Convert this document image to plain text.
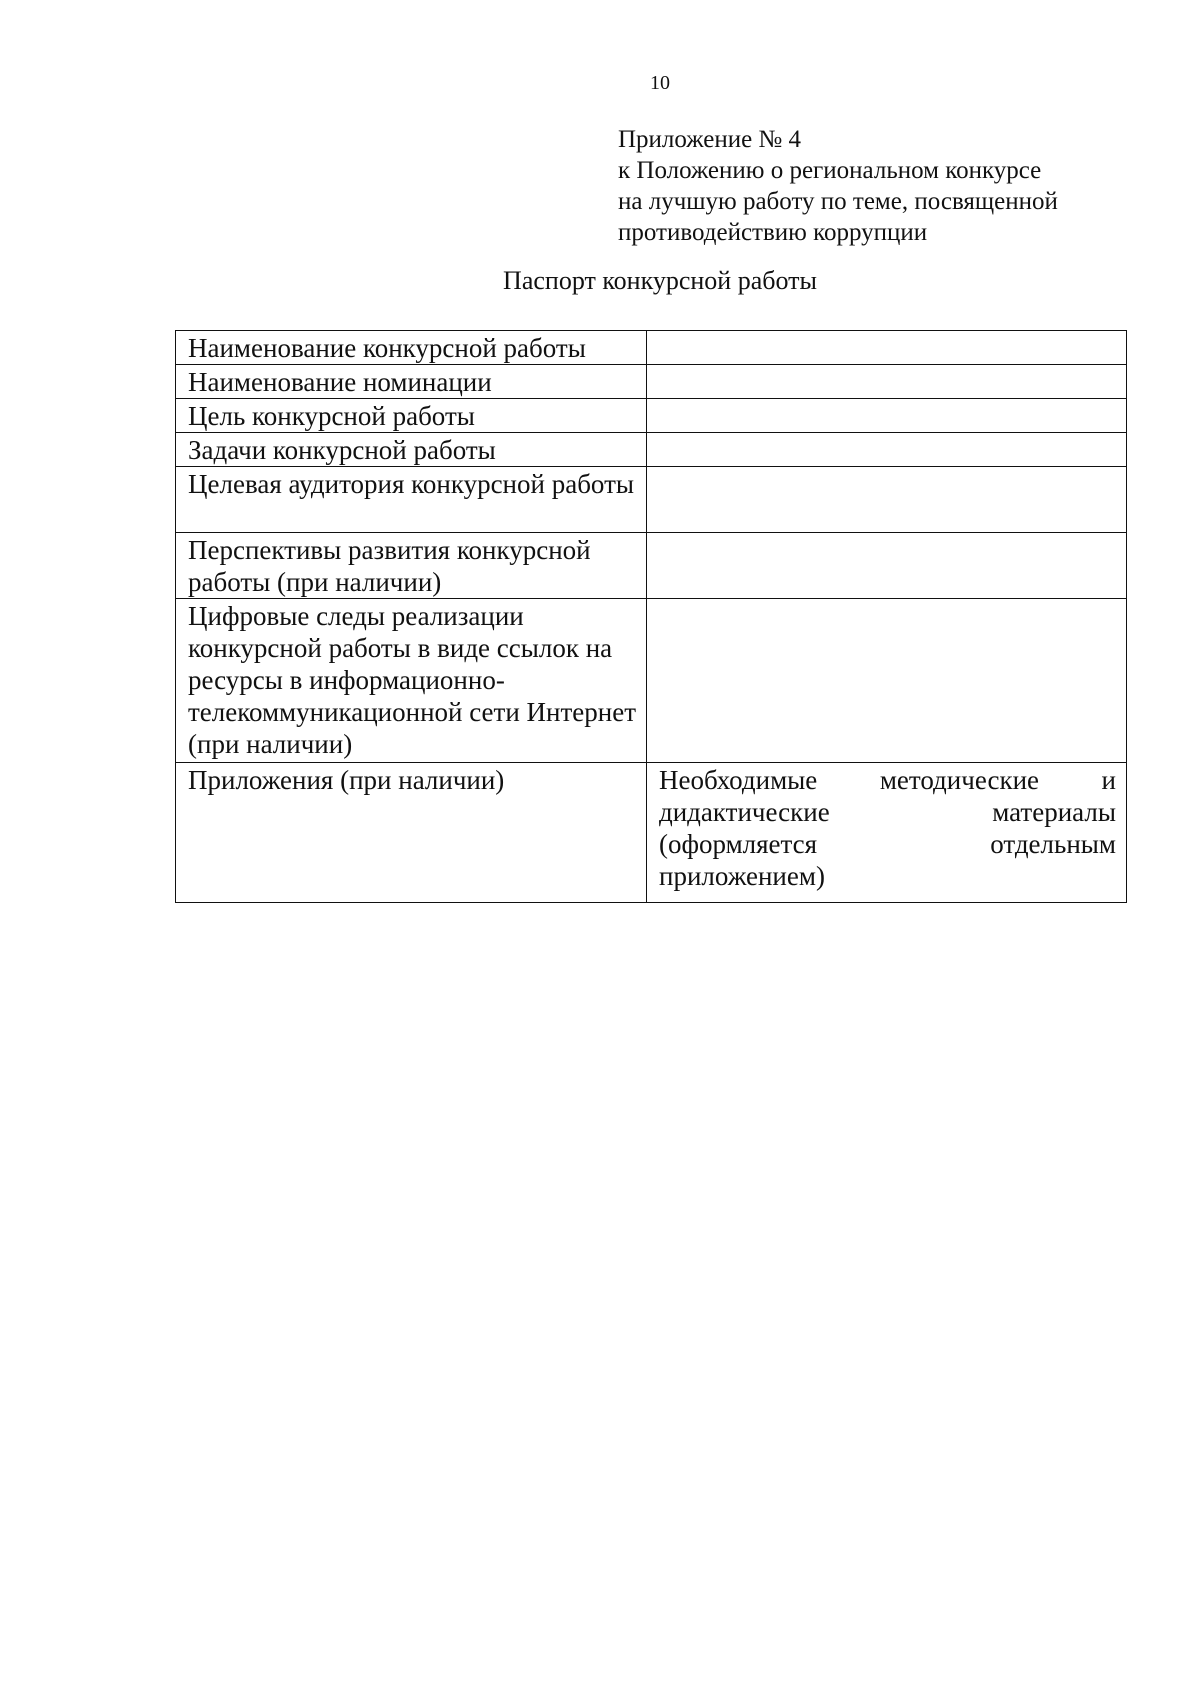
10
Приложение № 4
к Положению о региональном конкурсе
на лучшую работу по теме, посвященной
противодействию коррупции
Паспорт конкурсной работы
Наименование конкурсной работы	
Наименование номинации	
Цель конкурсной работы	
Задачи конкурсной работы	
Целевая аудитория конкурсной работы	
Перспективы развития конкурсной работы (при наличии)	
Цифровые следы реализации конкурсной работы в виде ссылок на ресурсы в информационно-телекоммуникационной сети Интернет (при наличии)	
Приложения (при наличии)	Необходимые методические и дидактические материалы (оформляется отдельным приложением)
